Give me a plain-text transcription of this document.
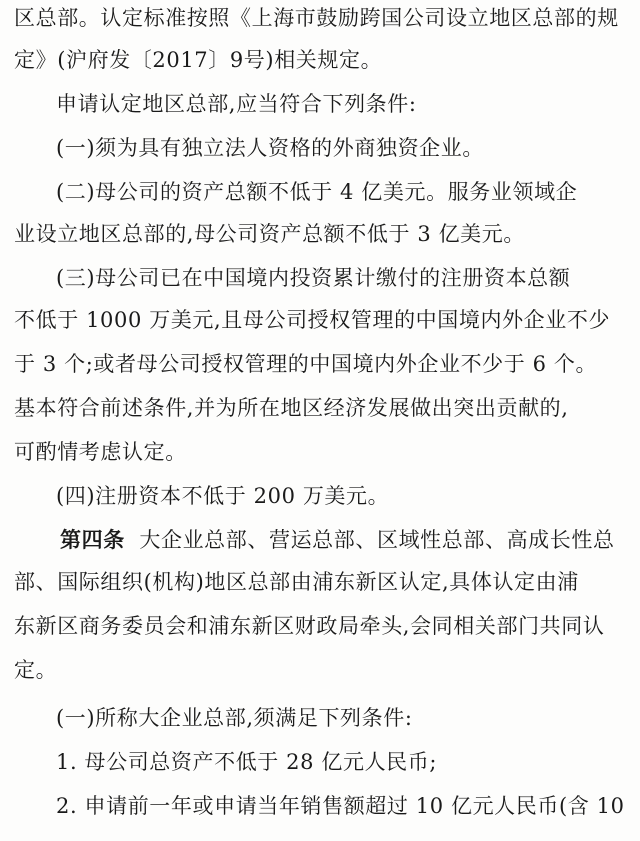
区总部。认定标准按照《上海市鼓励跨国公司设立地区总部的规
定》(沪府发〔2017〕9号)相关规定。
申请认定地区总部,应当符合下列条件:
(一)须为具有独立法人资格的外商独资企业。
(二)母公司的资产总额不低于 4 亿美元。服务业领域企
业设立地区总部的,母公司资产总额不低于 3 亿美元。
(三)母公司已在中国境内投资累计缴付的注册资本总额
不低于 1000 万美元,且母公司授权管理的中国境内外企业不少
于 3 个;或者母公司授权管理的中国境内外企业不少于 6 个。
基本符合前述条件,并为所在地区经济发展做出突出贡献的,
可酌情考虑认定。
(四)注册资本不低于 200 万美元。
第四条 大企业总部、营运总部、区域性总部、高成长性总
部、国际组织(机构)地区总部由浦东新区认定,具体认定由浦
东新区商务委员会和浦东新区财政局牵头,会同相关部门共同认
定。
(一)所称大企业总部,须满足下列条件:
1. 母公司总资产不低于 28 亿元人民币;
2. 申请前一年或申请当年销售额超过 10 亿元人民币(含 10
